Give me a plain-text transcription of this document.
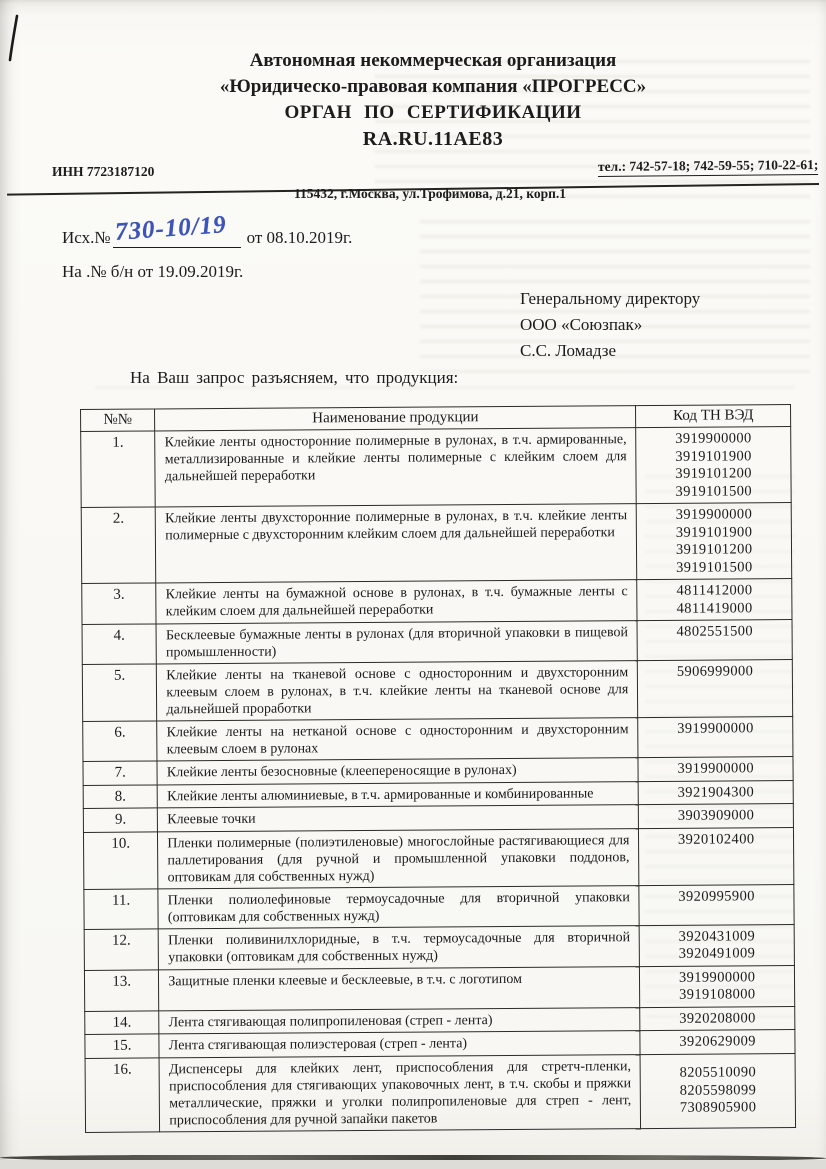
Автономная некоммерческая организация
«Юридическо-правовая компания «ПРОГРЕСС»
ОРГАН ПО СЕРТИФИКАЦИИ
RA.RU.11AE83
ИНН 7723187120	тел.: 742-57-18; 742-59-55; 710-22-61;
115432, г.Москва, ул.Трофимова, д.21, корп.1
Исх.№ 730-10/19 от 08.10.2019г.
На .№ б/н от 19.09.2019г.
Генеральному директору
ООО «Союзпак»
С.С. Ломадзе
На Ваш запрос разъясняем, что продукция:
№№	Наименование продукции	Код ТН ВЭД
1.	Клейкие ленты односторонние полимерные в рулонах, в т.ч. армированные, металлизированные и клейкие ленты полимерные с клейким слоем для дальнейшей переработки	3919900000
3919101900
3919101200
3919101500
2.	Клейкие ленты двухсторонние полимерные в рулонах, в т.ч. клейкие ленты полимерные с двухсторонним клейким слоем для дальнейшей переработки	3919900000
3919101900
3919101200
3919101500
3.	Клейкие ленты на бумажной основе в рулонах, в т.ч. бумажные ленты с клейким слоем для дальнейшей переработки	4811412000
4811419000
4.	Бесклеевые бумажные ленты в рулонах (для вторичной упаковки в пищевой промышленности)	4802551500
5.	Клейкие ленты на тканевой основе с односторонним и двухсторонним клеевым слоем в рулонах, в т.ч. клейкие ленты на тканевой основе для дальнейшей проработки	5906999000
6.	Клейкие ленты на нетканой основе с односторонним и двухсторонним клеевым слоем в рулонах	3919900000
7.	Клейкие ленты безосновные (клеепереносящие в рулонах)	3919900000
8.	Клейкие ленты алюминиевые, в т.ч. армированные и комбинированные	3921904300
9.	Клеевые точки	3903909000
10.	Пленки полимерные (полиэтиленовые) многослойные растягивающиеся для паллетирования (для ручной и промышленной упаковки поддонов, оптовикам для собственных нужд)	3920102400
11.	Пленки полиолефиновые термоусадочные для вторичной упаковки (оптовикам для собственных нужд)	3920995900
12.	Пленки поливинилхлоридные, в т.ч. термоусадочные для вторичной упаковки (оптовикам для собственных нужд)	3920431009
3920491009
13.	Защитные пленки клеевые и бесклеевые, в т.ч. с логотипом	3919900000
3919108000
14.	Лента стягивающая полипропиленовая (стреп - лента)	3920208000
15.	Лента стягивающая полиэстеровая (стреп - лента)	3920629009
16.	Диспенсеры для клейких лент, приспособления для стретч-пленки, приспособления для стягивающих упаковочных лент, в т.ч. скобы и пряжки металлические, пряжки и уголки полипропиленовые для стреп - лент, приспособления для ручной запайки пакетов	8205510090
8205598099
7308905900
